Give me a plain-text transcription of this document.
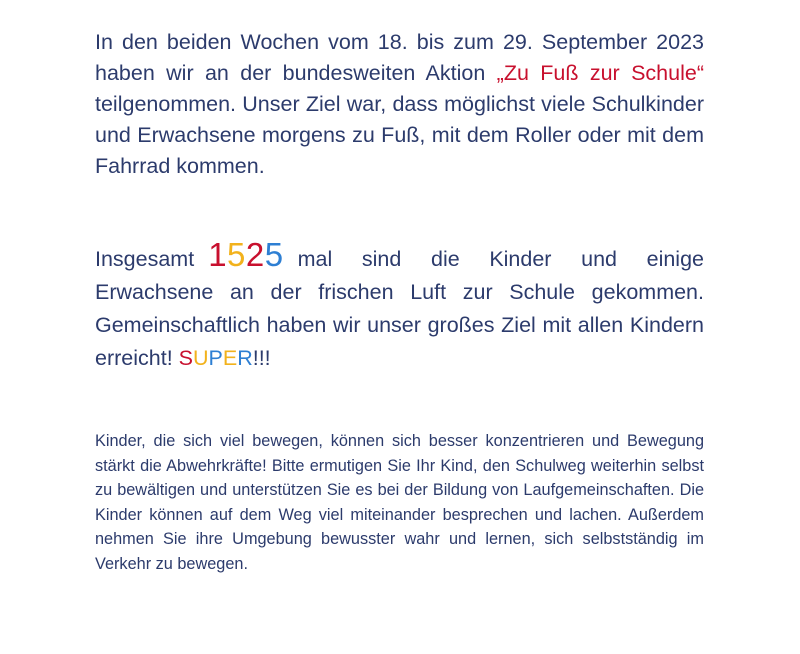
In den beiden Wochen vom 18. bis zum 29. September 2023 haben wir an der bundesweiten Aktion „Zu Fuß zur Schule“ teilgenommen. Unser Ziel war, dass möglichst viele Schulkinder und Erwachsene morgens zu Fuß, mit dem Roller oder mit dem Fahrrad kommen.

Insgesamt 1525 mal sind die Kinder und einige Erwachsene an der frischen Luft zur Schule gekommen. Gemeinschaftlich haben wir unser großes Ziel mit allen Kindern erreicht! SUPER!!!

Kinder, die sich viel bewegen, können sich besser konzentrieren und Bewegung stärkt die Abwehrkräfte! Bitte ermutigen Sie Ihr Kind, den Schulweg weiterhin selbst zu bewältigen und unterstützen Sie es bei der Bildung von Laufgemeinschaften. Die Kinder können auf dem Weg viel miteinander besprechen und lachen. Außerdem nehmen Sie ihre Umgebung bewusster wahr und lernen, sich selbstständig im Verkehr zu bewegen.
